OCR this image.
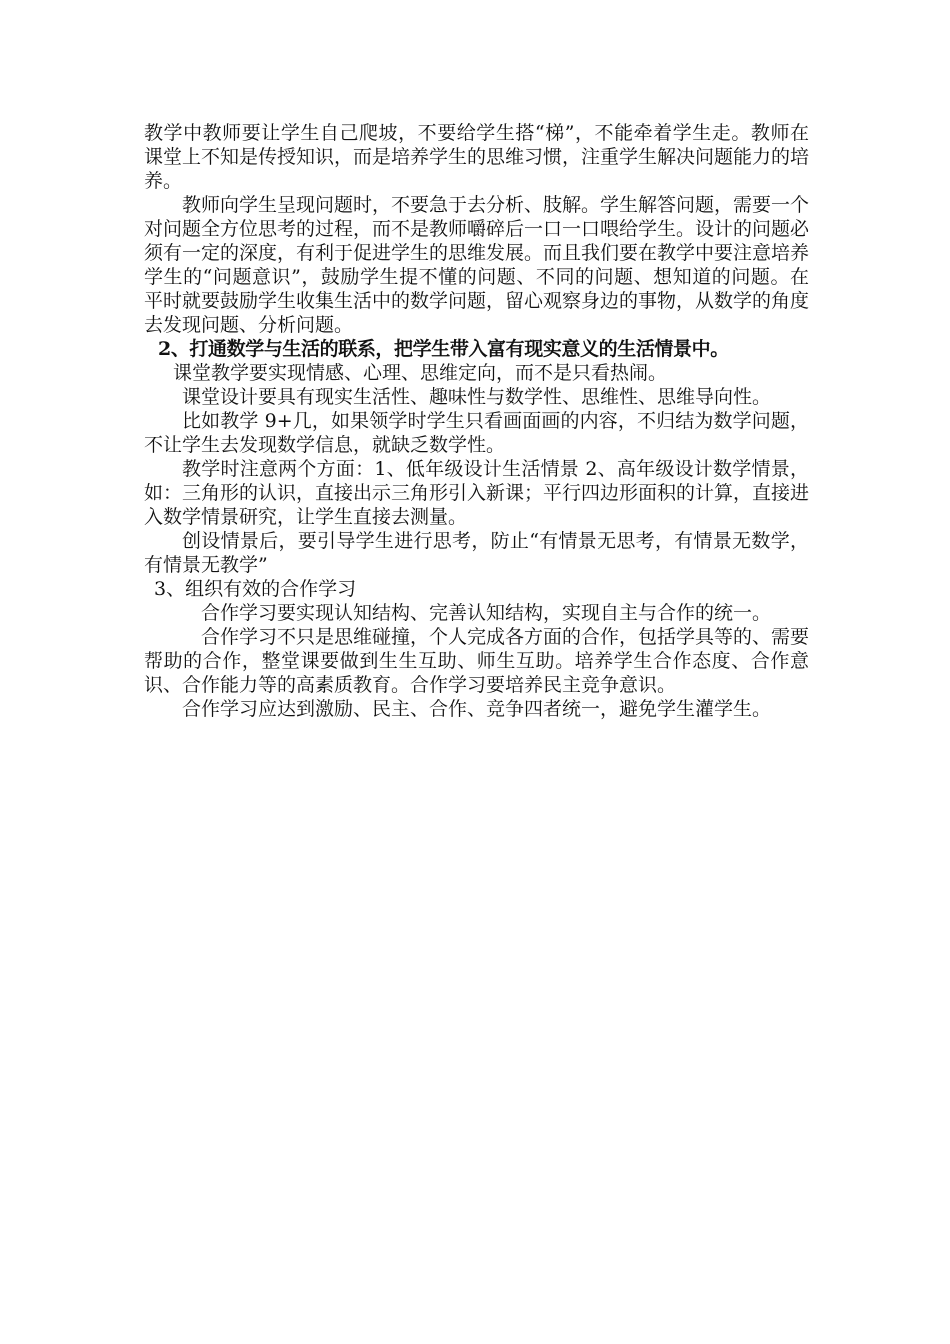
教学中教师要让学生自己爬坡，不要给学生搭“梯”，不能牵着学生走。教师在课堂上不知是传授知识，而是培养学生的思维习惯，注重学生解决问题能力的培养。

教师向学生呈现问题时，不要急于去分析、肢解。学生解答问题，需要一个对问题全方位思考的过程，而不是教师嚼碎后一口一口喂给学生。设计的问题必须有一定的深度，有利于促进学生的思维发展。而且我们要在教学中要注意培养学生的“问题意识”，鼓励学生提不懂的问题、不同的问题、想知道的问题。在平时就要鼓励学生收集生活中的数学问题，留心观察身边的事物，从数学的角度去发现问题、分析问题。

2、打通数学与生活的联系，把学生带入富有现实意义的生活情景中。

课堂教学要实现情感、心理、思维定向，而不是只看热闹。

课堂设计要具有现实生活性、趣味性与数学性、思维性、思维导向性。

比如教学 9+几，如果领学时学生只看画面画的内容，不归结为数学问题，不让学生去发现数学信息，就缺乏数学性。

教学时注意两个方面：1、低年级设计生活情景 2、高年级设计数学情景，如：三角形的认识，直接出示三角形引入新课；平行四边形面积的计算，直接进入数学情景研究，让学生直接去测量。

创设情景后，要引导学生进行思考，防止“有情景无思考，有情景无数学，有情景无教学”

3、组织有效的合作学习

合作学习要实现认知结构、完善认知结构，实现自主与合作的统一。

合作学习不只是思维碰撞，个人完成各方面的合作，包括学具等的、需要帮助的合作，整堂课要做到生生互助、师生互助。培养学生合作态度、合作意识、合作能力等的高素质教育。合作学习要培养民主竞争意识。

合作学习应达到激励、民主、合作、竞争四者统一，避免学生灌学生。
